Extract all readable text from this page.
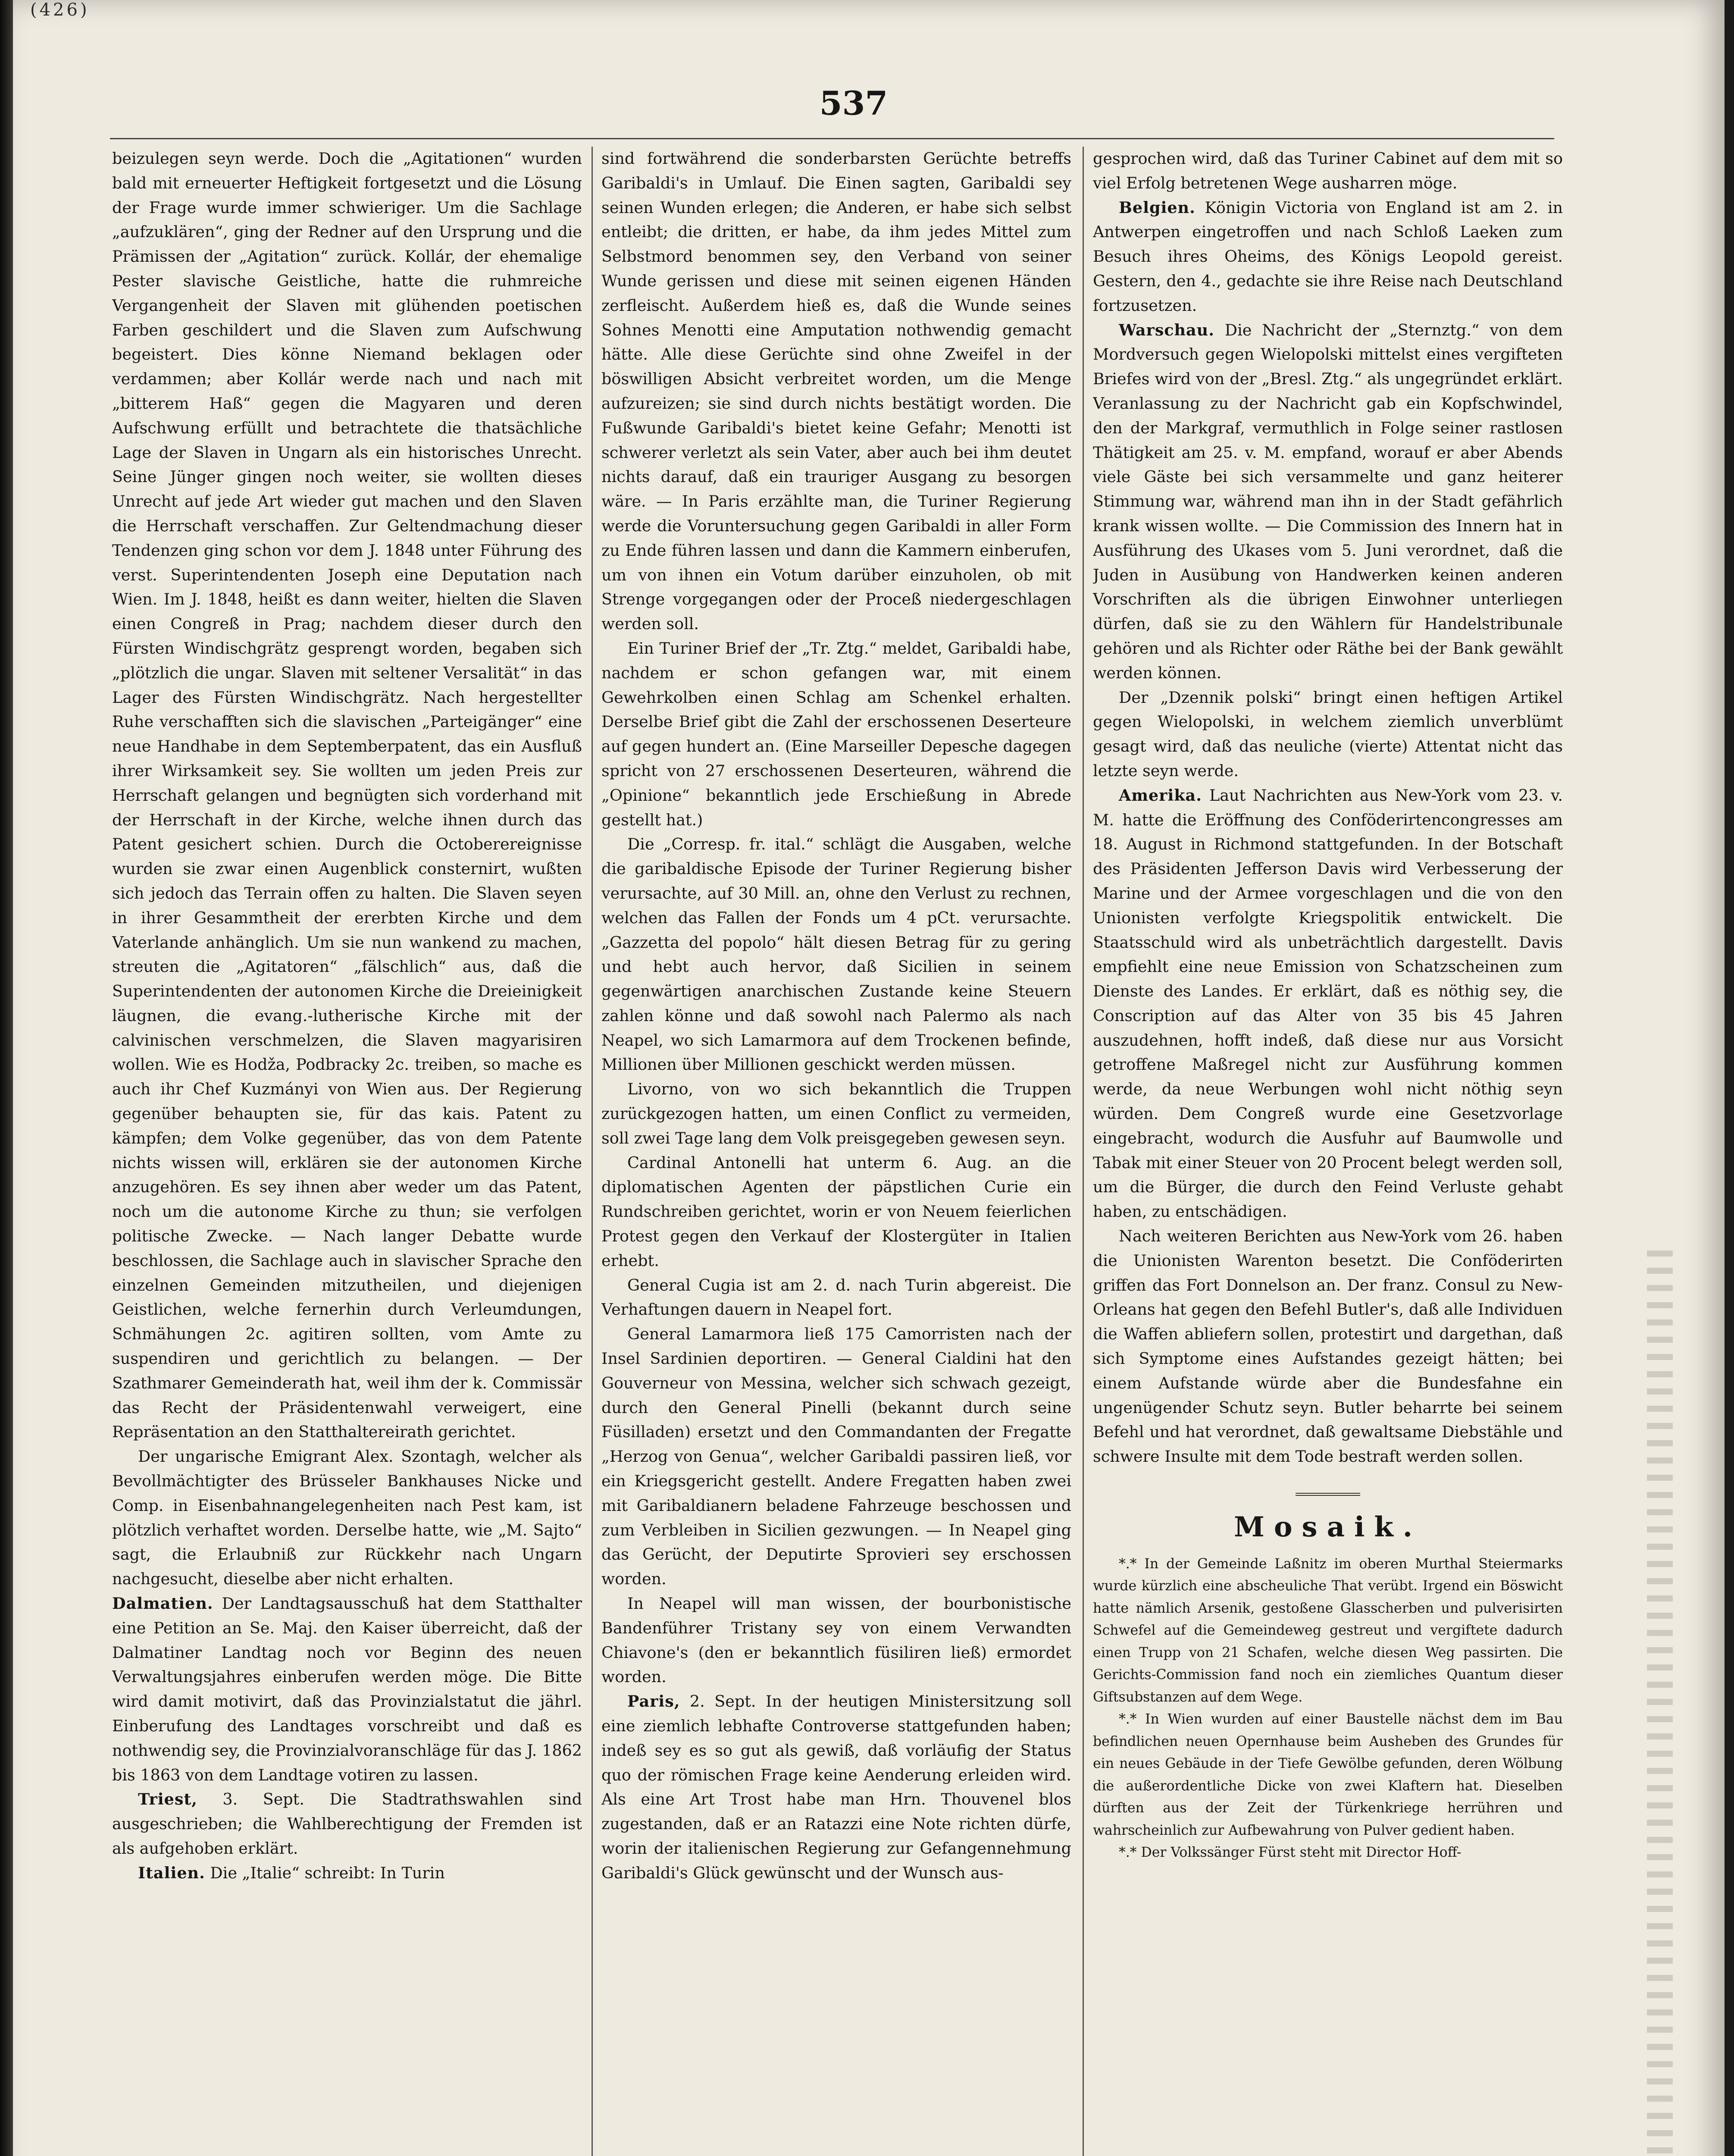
(426)
537

beizulegen seyn werde. Doch die „Agitationen“ wurden bald mit erneuerter Heftigkeit fortgesetzt und die Lösung der Frage wurde immer schwieriger. Um die Sachlage „aufzuklären“, ging der Redner auf den Ursprung und die Prämissen der „Agitation“ zurück. Kollár, der ehemalige Pester slavische Geistliche, hatte die ruhmreiche Vergangenheit der Slaven mit glühenden poetischen Farben geschildert und die Slaven zum Aufschwung begeistert. Dies könne Niemand beklagen oder verdammen; aber Kollár werde nach und nach mit „bitterem Haß“ gegen die Magyaren und deren Aufschwung erfüllt und betrachtete die thatsächliche Lage der Slaven in Ungarn als ein historisches Unrecht. Seine Jünger gingen noch weiter, sie wollten dieses Unrecht auf jede Art wieder gut machen und den Slaven die Herrschaft verschaffen. Zur Geltendmachung dieser Tendenzen ging schon vor dem J. 1848 unter Führung des verst. Superintendenten Joseph eine Deputation nach Wien. Im J. 1848, heißt es dann weiter, hielten die Slaven einen Congreß in Prag; nachdem dieser durch den Fürsten Windischgrätz gesprengt worden, begaben sich „plötzlich die ungar. Slaven mit seltener Versalität“ in das Lager des Fürsten Windischgrätz. Nach hergestellter Ruhe verschafften sich die slavischen „Parteigänger“ eine neue Handhabe in dem Septemberpatent, das ein Ausfluß ihrer Wirksamkeit sey. Sie wollten um jeden Preis zur Herrschaft gelangen und begnügten sich vorderhand mit der Herrschaft in der Kirche, welche ihnen durch das Patent gesichert schien. Durch die Octoberereignisse wurden sie zwar einen Augenblick consternirt, wußten sich jedoch das Terrain offen zu halten. Die Slaven seyen in ihrer Gesammtheit der ererbten Kirche und dem Vaterlande anhänglich. Um sie nun wankend zu machen, streuten die „Agitatoren“ „fälschlich“ aus, daß die Superintendenten der autonomen Kirche die Dreieinigkeit läugnen, die evang.-lutherische Kirche mit der calvinischen verschmelzen, die Slaven magyarisiren wollen. Wie es Hodža, Podbracky 2c. treiben, so mache es auch ihr Chef Kuzmányi von Wien aus. Der Regierung gegenüber behaupten sie, für das kais. Patent zu kämpfen; dem Volke gegenüber, das von dem Patente nichts wissen will, erklären sie der autonomen Kirche anzugehören. Es sey ihnen aber weder um das Patent, noch um die autonome Kirche zu thun; sie verfolgen politische Zwecke. — Nach langer Debatte wurde beschlossen, die Sachlage auch in slavischer Sprache den einzelnen Gemeinden mitzutheilen, und diejenigen Geistlichen, welche fernerhin durch Verleumdungen, Schmähungen 2c. agitiren sollten, vom Amte zu suspendiren und gerichtlich zu belangen. — Der Szathmarer Gemeinderath hat, weil ihm der k. Commissär das Recht der Präsidentenwahl verweigert, eine Repräsentation an den Statthaltereirath gerichtet.

Der ungarische Emigrant Alex. Szontagh, welcher als Bevollmächtigter des Brüsseler Bankhauses Nicke und Comp. in Eisenbahnangelegenheiten nach Pest kam, ist plötzlich verhaftet worden. Derselbe hatte, wie „M. Sajto“ sagt, die Erlaubniß zur Rückkehr nach Ungarn nachgesucht, dieselbe aber nicht erhalten.

Dalmatien. Der Landtagsausschuß hat dem Statthalter eine Petition an Se. Maj. den Kaiser überreicht, daß der Dalmatiner Landtag noch vor Beginn des neuen Verwaltungsjahres einberufen werden möge. Die Bitte wird damit motivirt, daß das Provinzialstatut die jährl. Einberufung des Landtages vorschreibt und daß es nothwendig sey, die Provinzialvoranschläge für das J. 1862 bis 1863 von dem Landtage votiren zu lassen.

Triest, 3. Sept. Die Stadtrathswahlen sind ausgeschrieben; die Wahlberechtigung der Fremden ist als aufgehoben erklärt.

Italien. Die „Italie“ schreibt: In Turin

sind fortwährend die sonderbarsten Gerüchte betreffs Garibaldi's in Umlauf. Die Einen sagten, Garibaldi sey seinen Wunden erlegen; die Anderen, er habe sich selbst entleibt; die dritten, er habe, da ihm jedes Mittel zum Selbstmord benommen sey, den Verband von seiner Wunde gerissen und diese mit seinen eigenen Händen zerfleischt. Außerdem hieß es, daß die Wunde seines Sohnes Menotti eine Amputation nothwendig gemacht hätte. Alle diese Gerüchte sind ohne Zweifel in der böswilligen Absicht verbreitet worden, um die Menge aufzureizen; sie sind durch nichts bestätigt worden. Die Fußwunde Garibaldi's bietet keine Gefahr; Menotti ist schwerer verletzt als sein Vater, aber auch bei ihm deutet nichts darauf, daß ein trauriger Ausgang zu besorgen wäre. — In Paris erzählte man, die Turiner Regierung werde die Voruntersuchung gegen Garibaldi in aller Form zu Ende führen lassen und dann die Kammern einberufen, um von ihnen ein Votum darüber einzuholen, ob mit Strenge vorgegangen oder der Proceß niedergeschlagen werden soll.

Ein Turiner Brief der „Tr. Ztg.“ meldet, Garibaldi habe, nachdem er schon gefangen war, mit einem Gewehrkolben einen Schlag am Schenkel erhalten. Derselbe Brief gibt die Zahl der erschossenen Deserteure auf gegen hundert an. (Eine Marseiller Depesche dagegen spricht von 27 erschossenen Deserteuren, während die „Opinione“ bekanntlich jede Erschießung in Abrede gestellt hat.)

Die „Corresp. fr. ital.“ schlägt die Ausgaben, welche die garibaldische Episode der Turiner Regierung bisher verursachte, auf 30 Mill. an, ohne den Verlust zu rechnen, welchen das Fallen der Fonds um 4 pCt. verursachte. „Gazzetta del popolo“ hält diesen Betrag für zu gering und hebt auch hervor, daß Sicilien in seinem gegenwärtigen anarchischen Zustande keine Steuern zahlen könne und daß sowohl nach Palermo als nach Neapel, wo sich Lamarmora auf dem Trockenen befinde, Millionen über Millionen geschickt werden müssen.

Livorno, von wo sich bekanntlich die Truppen zurückgezogen hatten, um einen Conflict zu vermeiden, soll zwei Tage lang dem Volk preisgegeben gewesen seyn.

Cardinal Antonelli hat unterm 6. Aug. an die diplomatischen Agenten der päpstlichen Curie ein Rundschreiben gerichtet, worin er von Neuem feierlichen Protest gegen den Verkauf der Klostergüter in Italien erhebt.

General Cugia ist am 2. d. nach Turin abgereist. Die Verhaftungen dauern in Neapel fort.

General Lamarmora ließ 175 Camorristen nach der Insel Sardinien deportiren. — General Cialdini hat den Gouverneur von Messina, welcher sich schwach gezeigt, durch den General Pinelli (bekannt durch seine Füsilladen) ersetzt und den Commandanten der Fregatte „Herzog von Genua“, welcher Garibaldi passiren ließ, vor ein Kriegsgericht gestellt. Andere Fregatten haben zwei mit Garibaldianern beladene Fahrzeuge beschossen und zum Verbleiben in Sicilien gezwungen. — In Neapel ging das Gerücht, der Deputirte Sprovieri sey erschossen worden.

In Neapel will man wissen, der bourbonistische Bandenführer Tristany sey von einem Verwandten Chiavone's (den er bekanntlich füsiliren ließ) ermordet worden.

Paris, 2. Sept. In der heutigen Ministersitzung soll eine ziemlich lebhafte Controverse stattgefunden haben; indeß sey es so gut als gewiß, daß vorläufig der Status quo der römischen Frage keine Aenderung erleiden wird. Als eine Art Trost habe man Hrn. Thouvenel blos zugestanden, daß er an Ratazzi eine Note richten dürfe, worin der italienischen Regierung zur Gefangennehmung Garibaldi's Glück gewünscht und der Wunsch aus-

gesprochen wird, daß das Turiner Cabinet auf dem mit so viel Erfolg betretenen Wege ausharren möge.

Belgien. Königin Victoria von England ist am 2. in Antwerpen eingetroffen und nach Schloß Laeken zum Besuch ihres Oheims, des Königs Leopold gereist. Gestern, den 4., gedachte sie ihre Reise nach Deutschland fortzusetzen.

Warschau. Die Nachricht der „Sternztg.“ von dem Mordversuch gegen Wielopolski mittelst eines vergifteten Briefes wird von der „Bresl. Ztg.“ als ungegründet erklärt. Veranlassung zu der Nachricht gab ein Kopfschwindel, den der Markgraf, vermuthlich in Folge seiner rastlosen Thätigkeit am 25. v. M. empfand, worauf er aber Abends viele Gäste bei sich versammelte und ganz heiterer Stimmung war, während man ihn in der Stadt gefährlich krank wissen wollte. — Die Commission des Innern hat in Ausführung des Ukases vom 5. Juni verordnet, daß die Juden in Ausübung von Handwerken keinen anderen Vorschriften als die übrigen Einwohner unterliegen dürfen, daß sie zu den Wählern für Handelstribunale gehören und als Richter oder Räthe bei der Bank gewählt werden können.

Der „Dzennik polski“ bringt einen heftigen Artikel gegen Wielopolski, in welchem ziemlich unverblümt gesagt wird, daß das neuliche (vierte) Attentat nicht das letzte seyn werde.

Amerika. Laut Nachrichten aus New-York vom 23. v. M. hatte die Eröffnung des Conföderirtencongresses am 18. August in Richmond stattgefunden. In der Botschaft des Präsidenten Jefferson Davis wird Verbesserung der Marine und der Armee vorgeschlagen und die von den Unionisten verfolgte Kriegspolitik entwickelt. Die Staatsschuld wird als unbeträchtlich dargestellt. Davis empfiehlt eine neue Emission von Schatzscheinen zum Dienste des Landes. Er erklärt, daß es nöthig sey, die Conscription auf das Alter von 35 bis 45 Jahren auszudehnen, hofft indeß, daß diese nur aus Vorsicht getroffene Maßregel nicht zur Ausführung kommen werde, da neue Werbungen wohl nicht nöthig seyn würden. Dem Congreß wurde eine Gesetzvorlage eingebracht, wodurch die Ausfuhr auf Baumwolle und Tabak mit einer Steuer von 20 Procent belegt werden soll, um die Bürger, die durch den Feind Verluste gehabt haben, zu entschädigen.

Nach weiteren Berichten aus New-York vom 26. haben die Unionisten Warenton besetzt. Die Conföderirten griffen das Fort Donnelson an. Der franz. Consul zu New-Orleans hat gegen den Befehl Butler's, daß alle Individuen die Waffen abliefern sollen, protestirt und dargethan, daß sich Symptome eines Aufstandes gezeigt hätten; bei einem Aufstande würde aber die Bundesfahne ein ungenügender Schutz seyn. Butler beharrte bei seinem Befehl und hat verordnet, daß gewaltsame Diebstähle und schwere Insulte mit dem Tode bestraft werden sollen.

Mosaik.

*.* In der Gemeinde Laßnitz im oberen Murthal Steiermarks wurde kürzlich eine abscheuliche That verübt. Irgend ein Böswicht hatte nämlich Arsenik, gestoßene Glasscherben und pulverisirten Schwefel auf die Gemeindeweg gestreut und vergiftete dadurch einen Trupp von 21 Schafen, welche diesen Weg passirten. Die Gerichts-Commission fand noch ein ziemliches Quantum dieser Giftsubstanzen auf dem Wege.

*.* In Wien wurden auf einer Baustelle nächst dem im Bau befindlichen neuen Opernhause beim Ausheben des Grundes für ein neues Gebäude in der Tiefe Gewölbe gefunden, deren Wölbung die außerordentliche Dicke von zwei Klaftern hat. Dieselben dürften aus der Zeit der Türkenkriege herrühren und wahrscheinlich zur Aufbewahrung von Pulver gedient haben.

*.* Der Volkssänger Fürst steht mit Director Hoff-
